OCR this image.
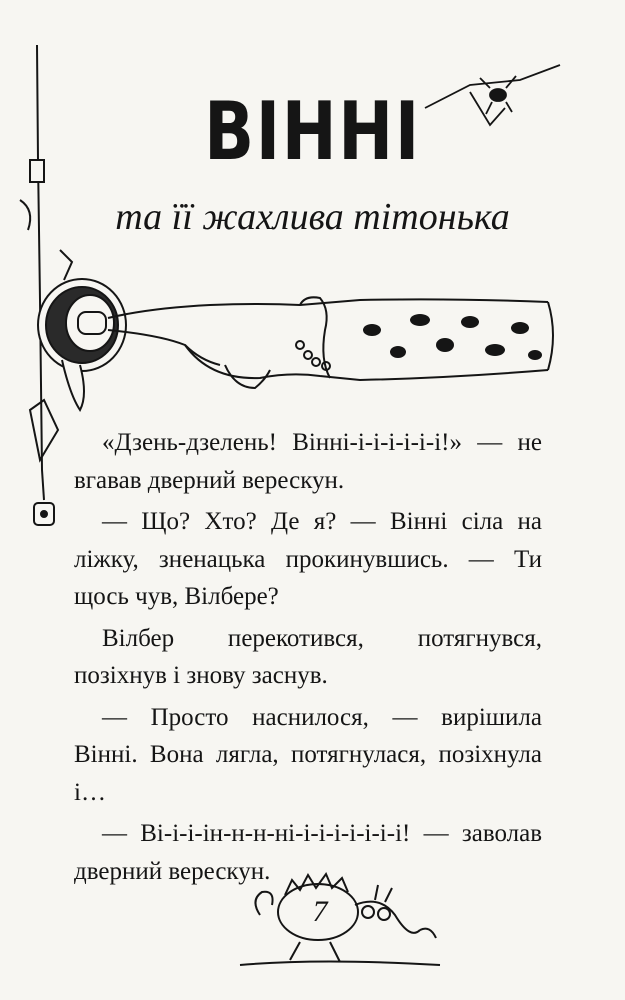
ВІННІ
та її жахлива тітонька

«Дзень-дзелень! Вінні-і-і-і-і-і-і!» — не вгавав дверний верескун.

— Що? Хто? Де я? — Вінні сіла на ліжку, зненацька прокинувшись. — Ти щось чув, Вілбере?

Вілбер перекотився, потягнувся, позіхнув і знову заснув.

— Просто наснилося, — вирішила Вінні. Вона лягла, потягнулася, позіхнула і…

— Ві-і-і-ін-н-н-ні-і-і-і-і-і-і-і! — заволав дверний верескун.

7
